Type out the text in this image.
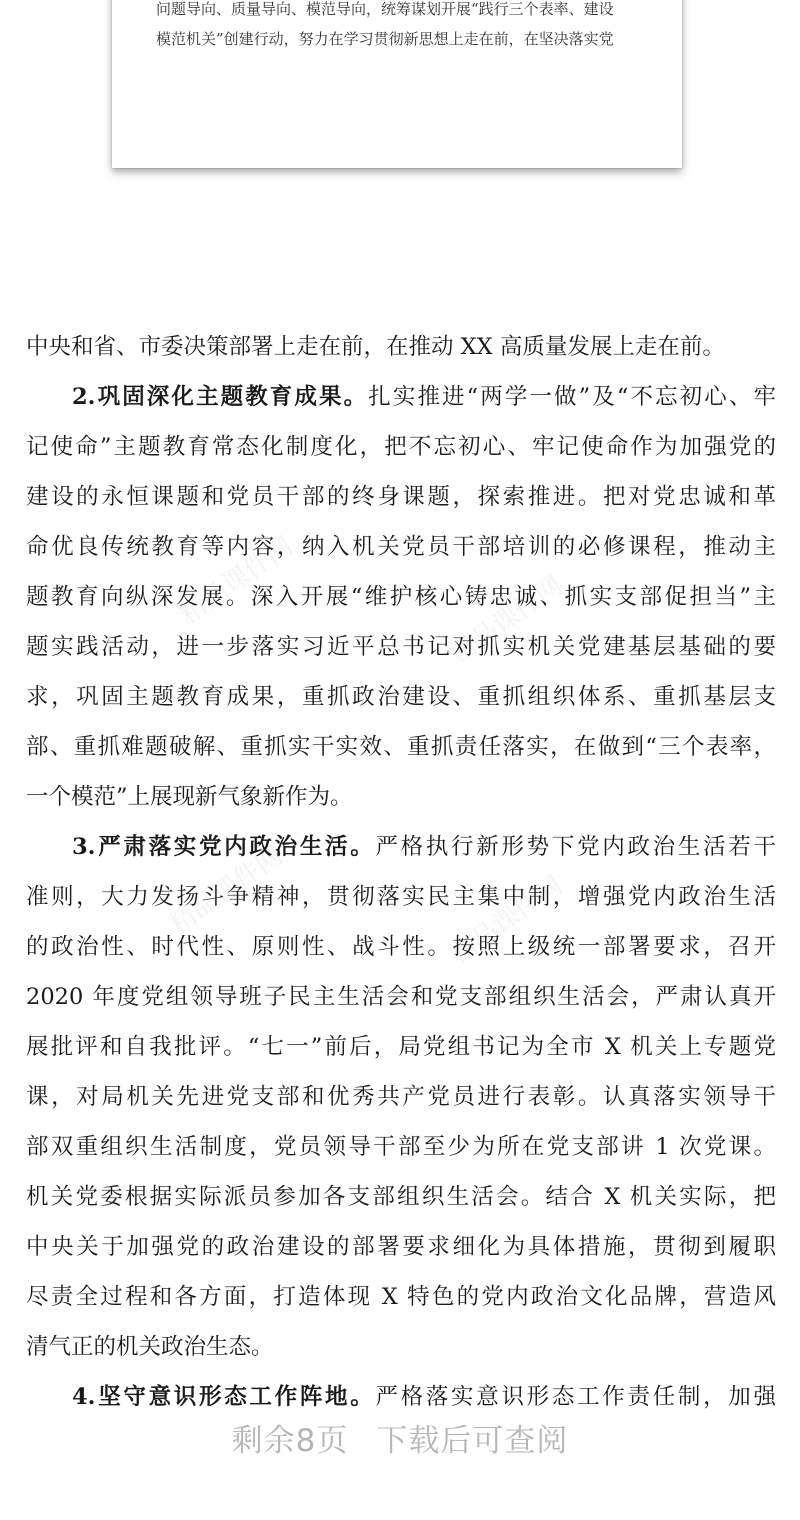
问题导向、质量导向、模范导向，统筹谋划开展“践行三个表率、建设
模范机关”创建行动，努力在学习贯彻新思想上走在前，在坚决落实党
精品课件网	精品课件网
精品课件网	精品课件网
中央和省、市委决策部署上走在前，在推动 XX 高质量发展上走在前。
2.巩固深化主题教育成果。扎实推进“两学一做”及“不忘初心、牢
记使命”主题教育常态化制度化，把不忘初心、牢记使命作为加强党的
建设的永恒课题和党员干部的终身课题，探索推进。把对党忠诚和革
命优良传统教育等内容，纳入机关党员干部培训的必修课程，推动主
题教育向纵深发展。深入开展“维护核心铸忠诚、抓实支部促担当”主
题实践活动，进一步落实习近平总书记对抓实机关党建基层基础的要
求，巩固主题教育成果，重抓政治建设、重抓组织体系、重抓基层支
部、重抓难题破解、重抓实干实效、重抓责任落实，在做到“三个表率，
一个模范”上展现新气象新作为。
3.严肃落实党内政治生活。严格执行新形势下党内政治生活若干
准则，大力发扬斗争精神，贯彻落实民主集中制，增强党内政治生活
的政治性、时代性、原则性、战斗性。按照上级统一部署要求，召开
2020 年度党组领导班子民主生活会和党支部组织生活会，严肃认真开
展批评和自我批评。“七一”前后，局党组书记为全市 X 机关上专题党
课，对局机关先进党支部和优秀共产党员进行表彰。认真落实领导干
部双重组织生活制度，党员领导干部至少为所在党支部讲 1 次党课。
机关党委根据实际派员参加各支部组织生活会。结合 X 机关实际，把
中央关于加强党的政治建设的部署要求细化为具体措施，贯彻到履职
尽责全过程和各方面，打造体现 X 特色的党内政治文化品牌，营造风
清气正的机关政治生态。
4.坚守意识形态工作阵地。严格落实意识形态工作责任制，加强
剩余8页 下载后可查阅
